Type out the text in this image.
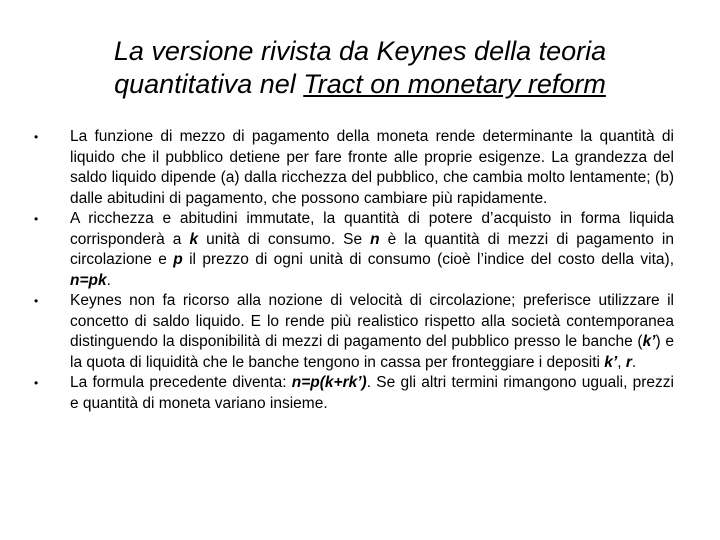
La versione rivista da Keynes della teoria
quantitativa nel Tract on monetary reform
•	La funzione di mezzo di pagamento della moneta rende determinante la quantità di liquido che il pubblico detiene per fare fronte alle proprie esigenze. La grandezza del saldo liquido dipende (a) dalla ricchezza del pubblico, che cambia molto lentamente; (b) dalle abitudini di pagamento, che possono cambiare più rapidamente.
•	A ricchezza e abitudini immutate, la quantità di potere d’acquisto in forma liquida corrisponderà a k unità di consumo. Se n è la quantità di mezzi di pagamento in circolazione e p il prezzo di ogni unità di consumo (cioè l’indice del costo della vita), n=pk.
•	Keynes non fa ricorso alla nozione di velocità di circolazione; preferisce utilizzare il concetto di saldo liquido. E lo rende più realistico rispetto alla società contemporanea distinguendo la disponibilità di mezzi di pagamento del pubblico presso le banche (k’) e la quota di liquidità che le banche tengono in cassa per fronteggiare i depositi k’, r.
•	La formula precedente diventa: n=p(k+rk’). Se gli altri termini rimangono uguali, prezzi e quantità di moneta variano insieme.
